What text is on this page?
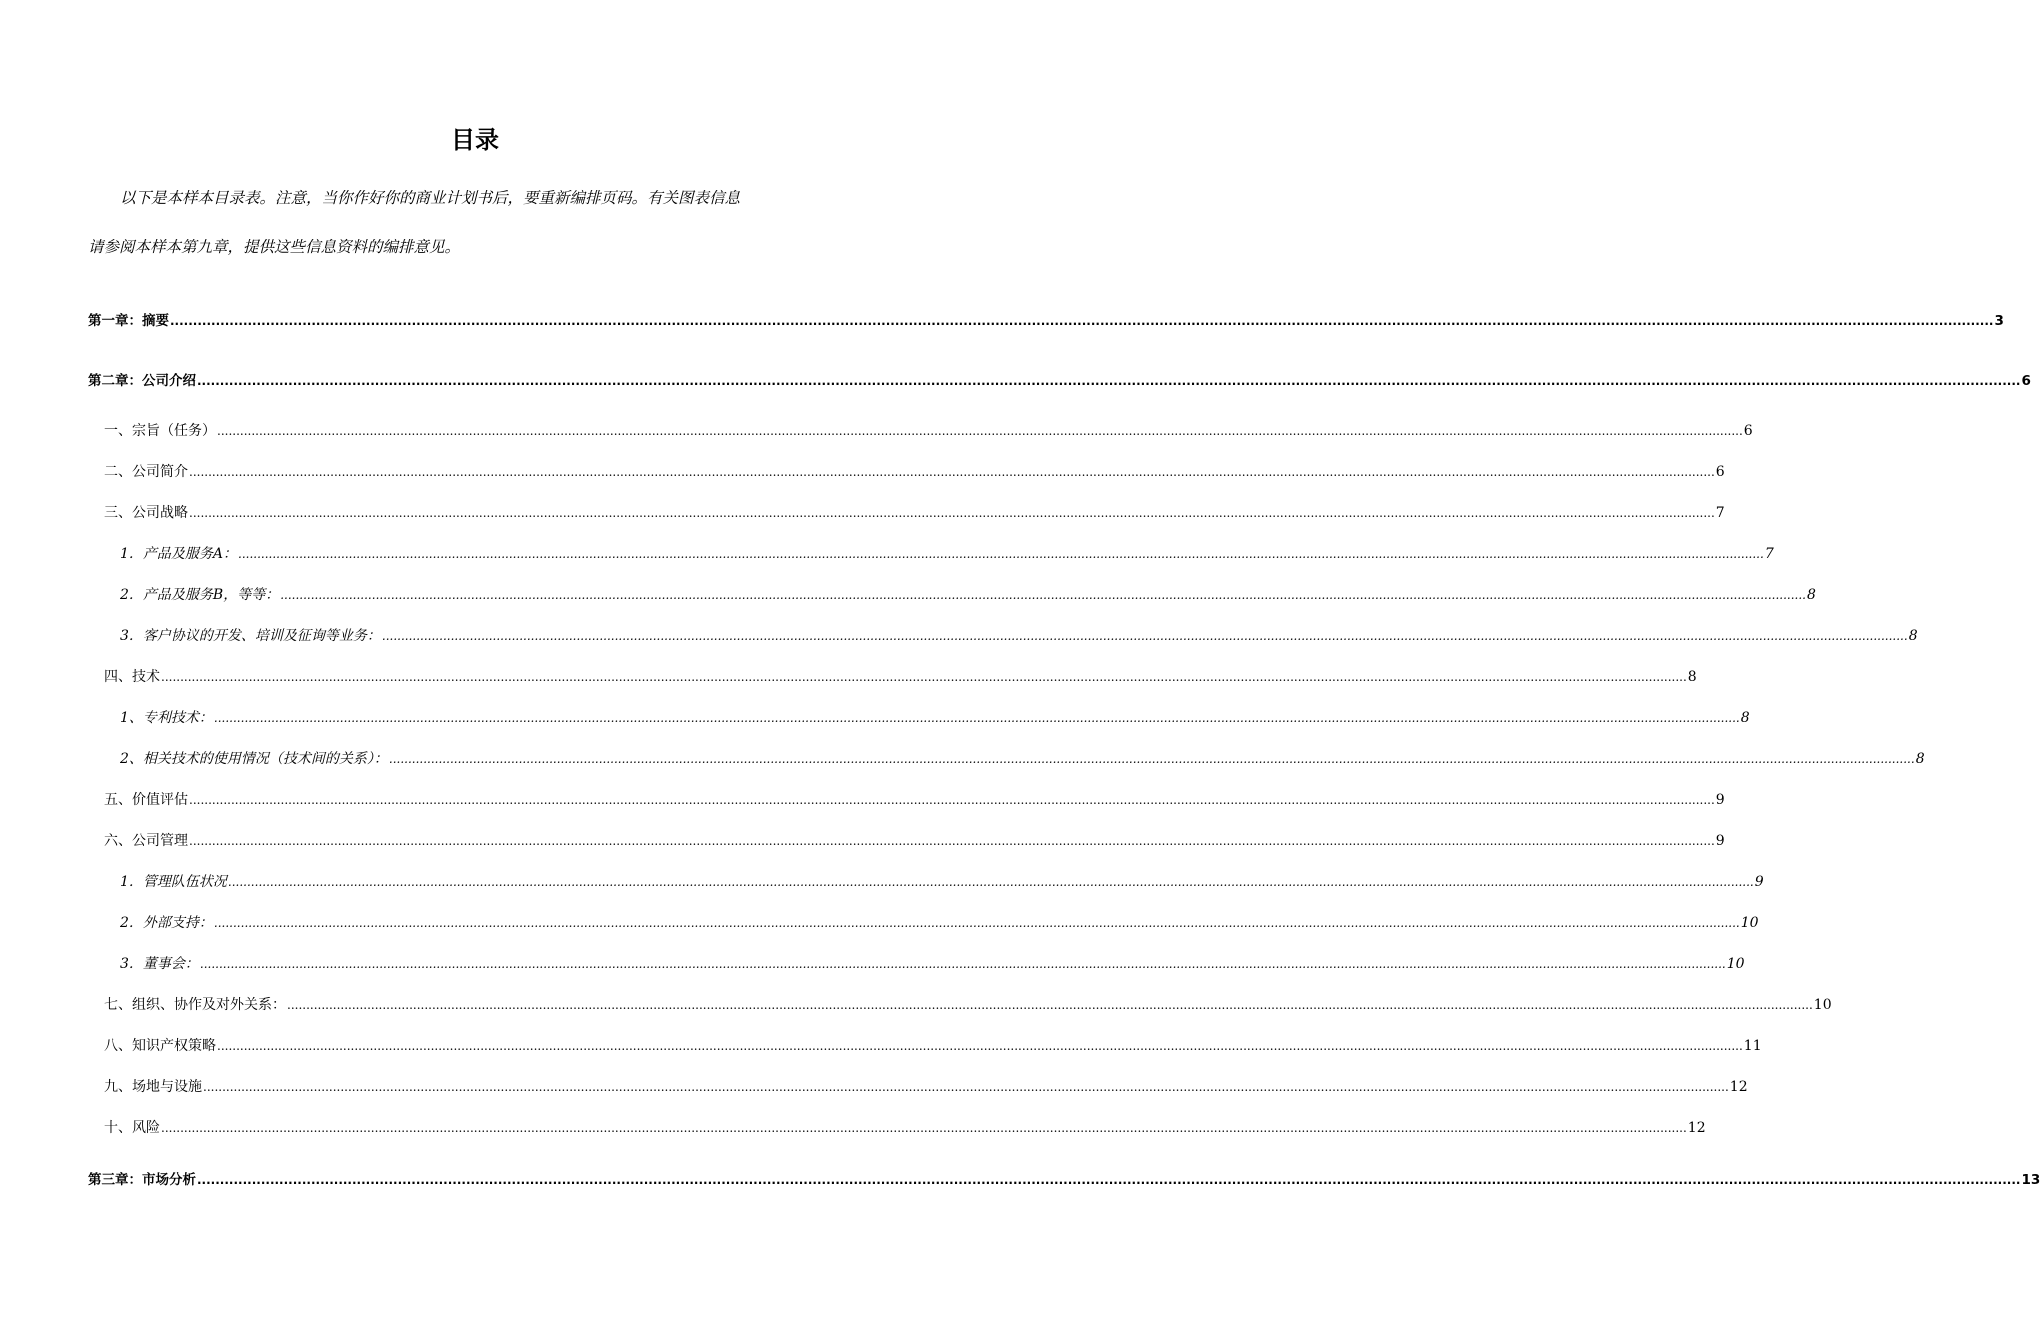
目录
以下是本样本目录表。注意，当你作好你的商业计划书后，要重新编排页码。有关图表信息
请参阅本样本第九章，提供这些信息资料的编排意见。
第一章：摘要 ................................................................................................................................................................................................................................................................................................................................................................................................................ 3
第二章：公司介绍 ................................................................................................................................................................................................................................................................................................................................................................................................................ 6
一、宗旨（任务） ................................................................................................................................................................................................................................................................................................................................................................................................................ 6
二、公司简介 ................................................................................................................................................................................................................................................................................................................................................................................................................ 6
三、公司战略 ................................................................................................................................................................................................................................................................................................................................................................................................................ 7
1．产品及服务A： ................................................................................................................................................................................................................................................................................................................................................................................................................ 7
2．产品及服务B，等等： ................................................................................................................................................................................................................................................................................................................................................................................................................ 8
3．客户协议的开发、培训及征询等业务： ................................................................................................................................................................................................................................................................................................................................................................................................................ 8
四、技术 ................................................................................................................................................................................................................................................................................................................................................................................................................ 8
1、专利技术： ................................................................................................................................................................................................................................................................................................................................................................................................................ 8
2、相关技术的使用情况（技术间的关系）： ................................................................................................................................................................................................................................................................................................................................................................................................................ 8
五、价值评估 ................................................................................................................................................................................................................................................................................................................................................................................................................ 9
六、公司管理 ................................................................................................................................................................................................................................................................................................................................................................................................................ 9
1．管理队伍状况 ................................................................................................................................................................................................................................................................................................................................................................................................................ 9
2．外部支持： ................................................................................................................................................................................................................................................................................................................................................................................................................ 10
3．董事会： ................................................................................................................................................................................................................................................................................................................................................................................................................ 10
七、组织、协作及对外关系： ................................................................................................................................................................................................................................................................................................................................................................................................................ 10
八、知识产权策略 ................................................................................................................................................................................................................................................................................................................................................................................................................ 11
九、场地与设施 ................................................................................................................................................................................................................................................................................................................................................................................................................ 12
十、风险 ................................................................................................................................................................................................................................................................................................................................................................................................................ 12
第三章：市场分析 ................................................................................................................................................................................................................................................................................................................................................................................................................ 13
